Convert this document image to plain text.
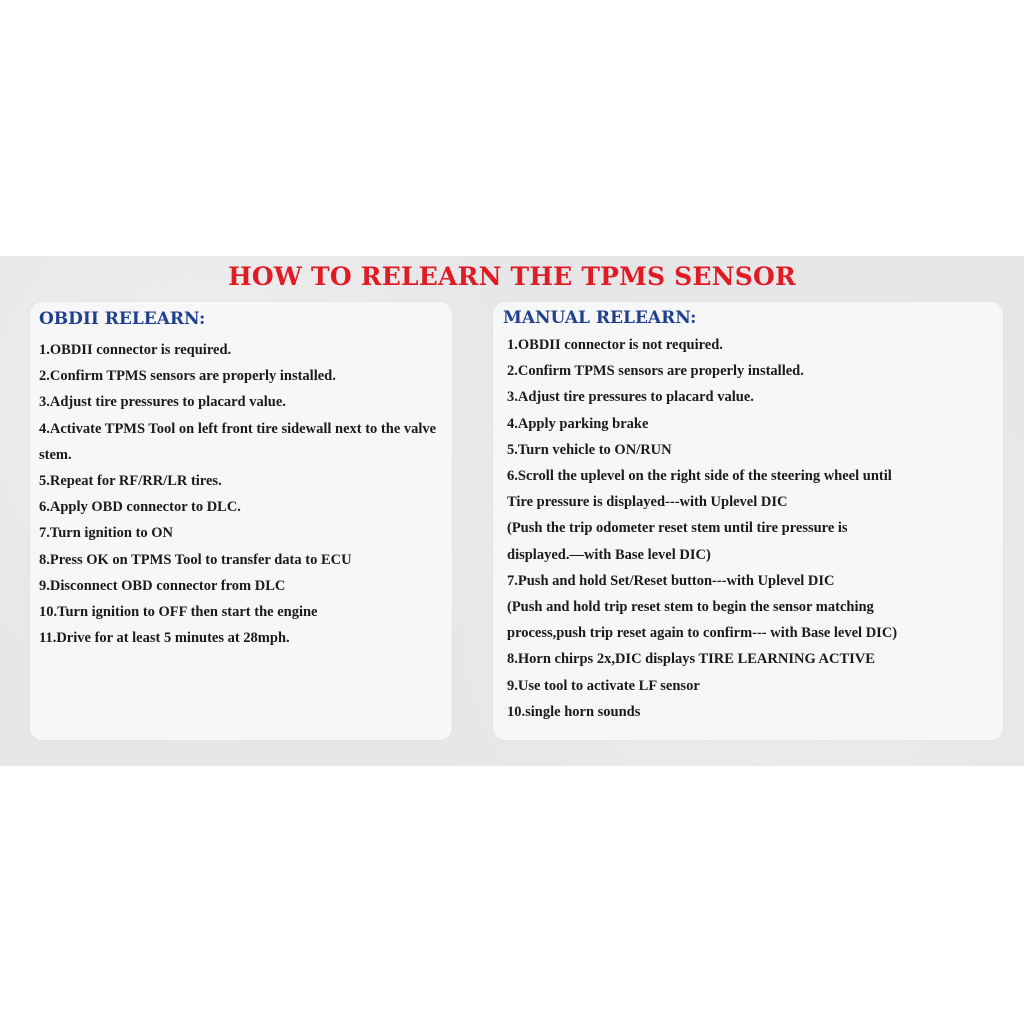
HOW TO RELEARN THE TPMS SENSOR
OBDII RELEARN:
1.OBDII connector is required.
2.Confirm TPMS sensors are properly installed.
3.Adjust tire pressures to placard value.
4.Activate TPMS Tool on left front tire sidewall next to the valve stem.
5.Repeat for RF/RR/LR tires.
6.Apply OBD connector to DLC.
7.Turn ignition to ON
8.Press OK on TPMS Tool to transfer data to ECU
9.Disconnect OBD connector from DLC
10.Turn ignition to OFF then start the engine
11.Drive for at least 5 minutes at 28mph.
MANUAL RELEARN:
1.OBDII connector is not required.
2.Confirm TPMS sensors are properly installed.
3.Adjust tire pressures to placard value.
4.Apply parking brake
5.Turn vehicle to ON/RUN
6.Scroll the uplevel on the right side of the steering wheel until
Tire pressure is displayed---with Uplevel DIC
(Push the trip odometer reset stem until tire pressure is
displayed.—with Base level DIC)
7.Push and hold Set/Reset button---with Uplevel DIC
(Push and hold trip reset stem to begin the sensor matching
process,push trip reset again to confirm--- with Base level DIC)
8.Horn chirps 2x,DIC displays TIRE LEARNING ACTIVE
9.Use tool to activate LF sensor
10.single horn sounds
